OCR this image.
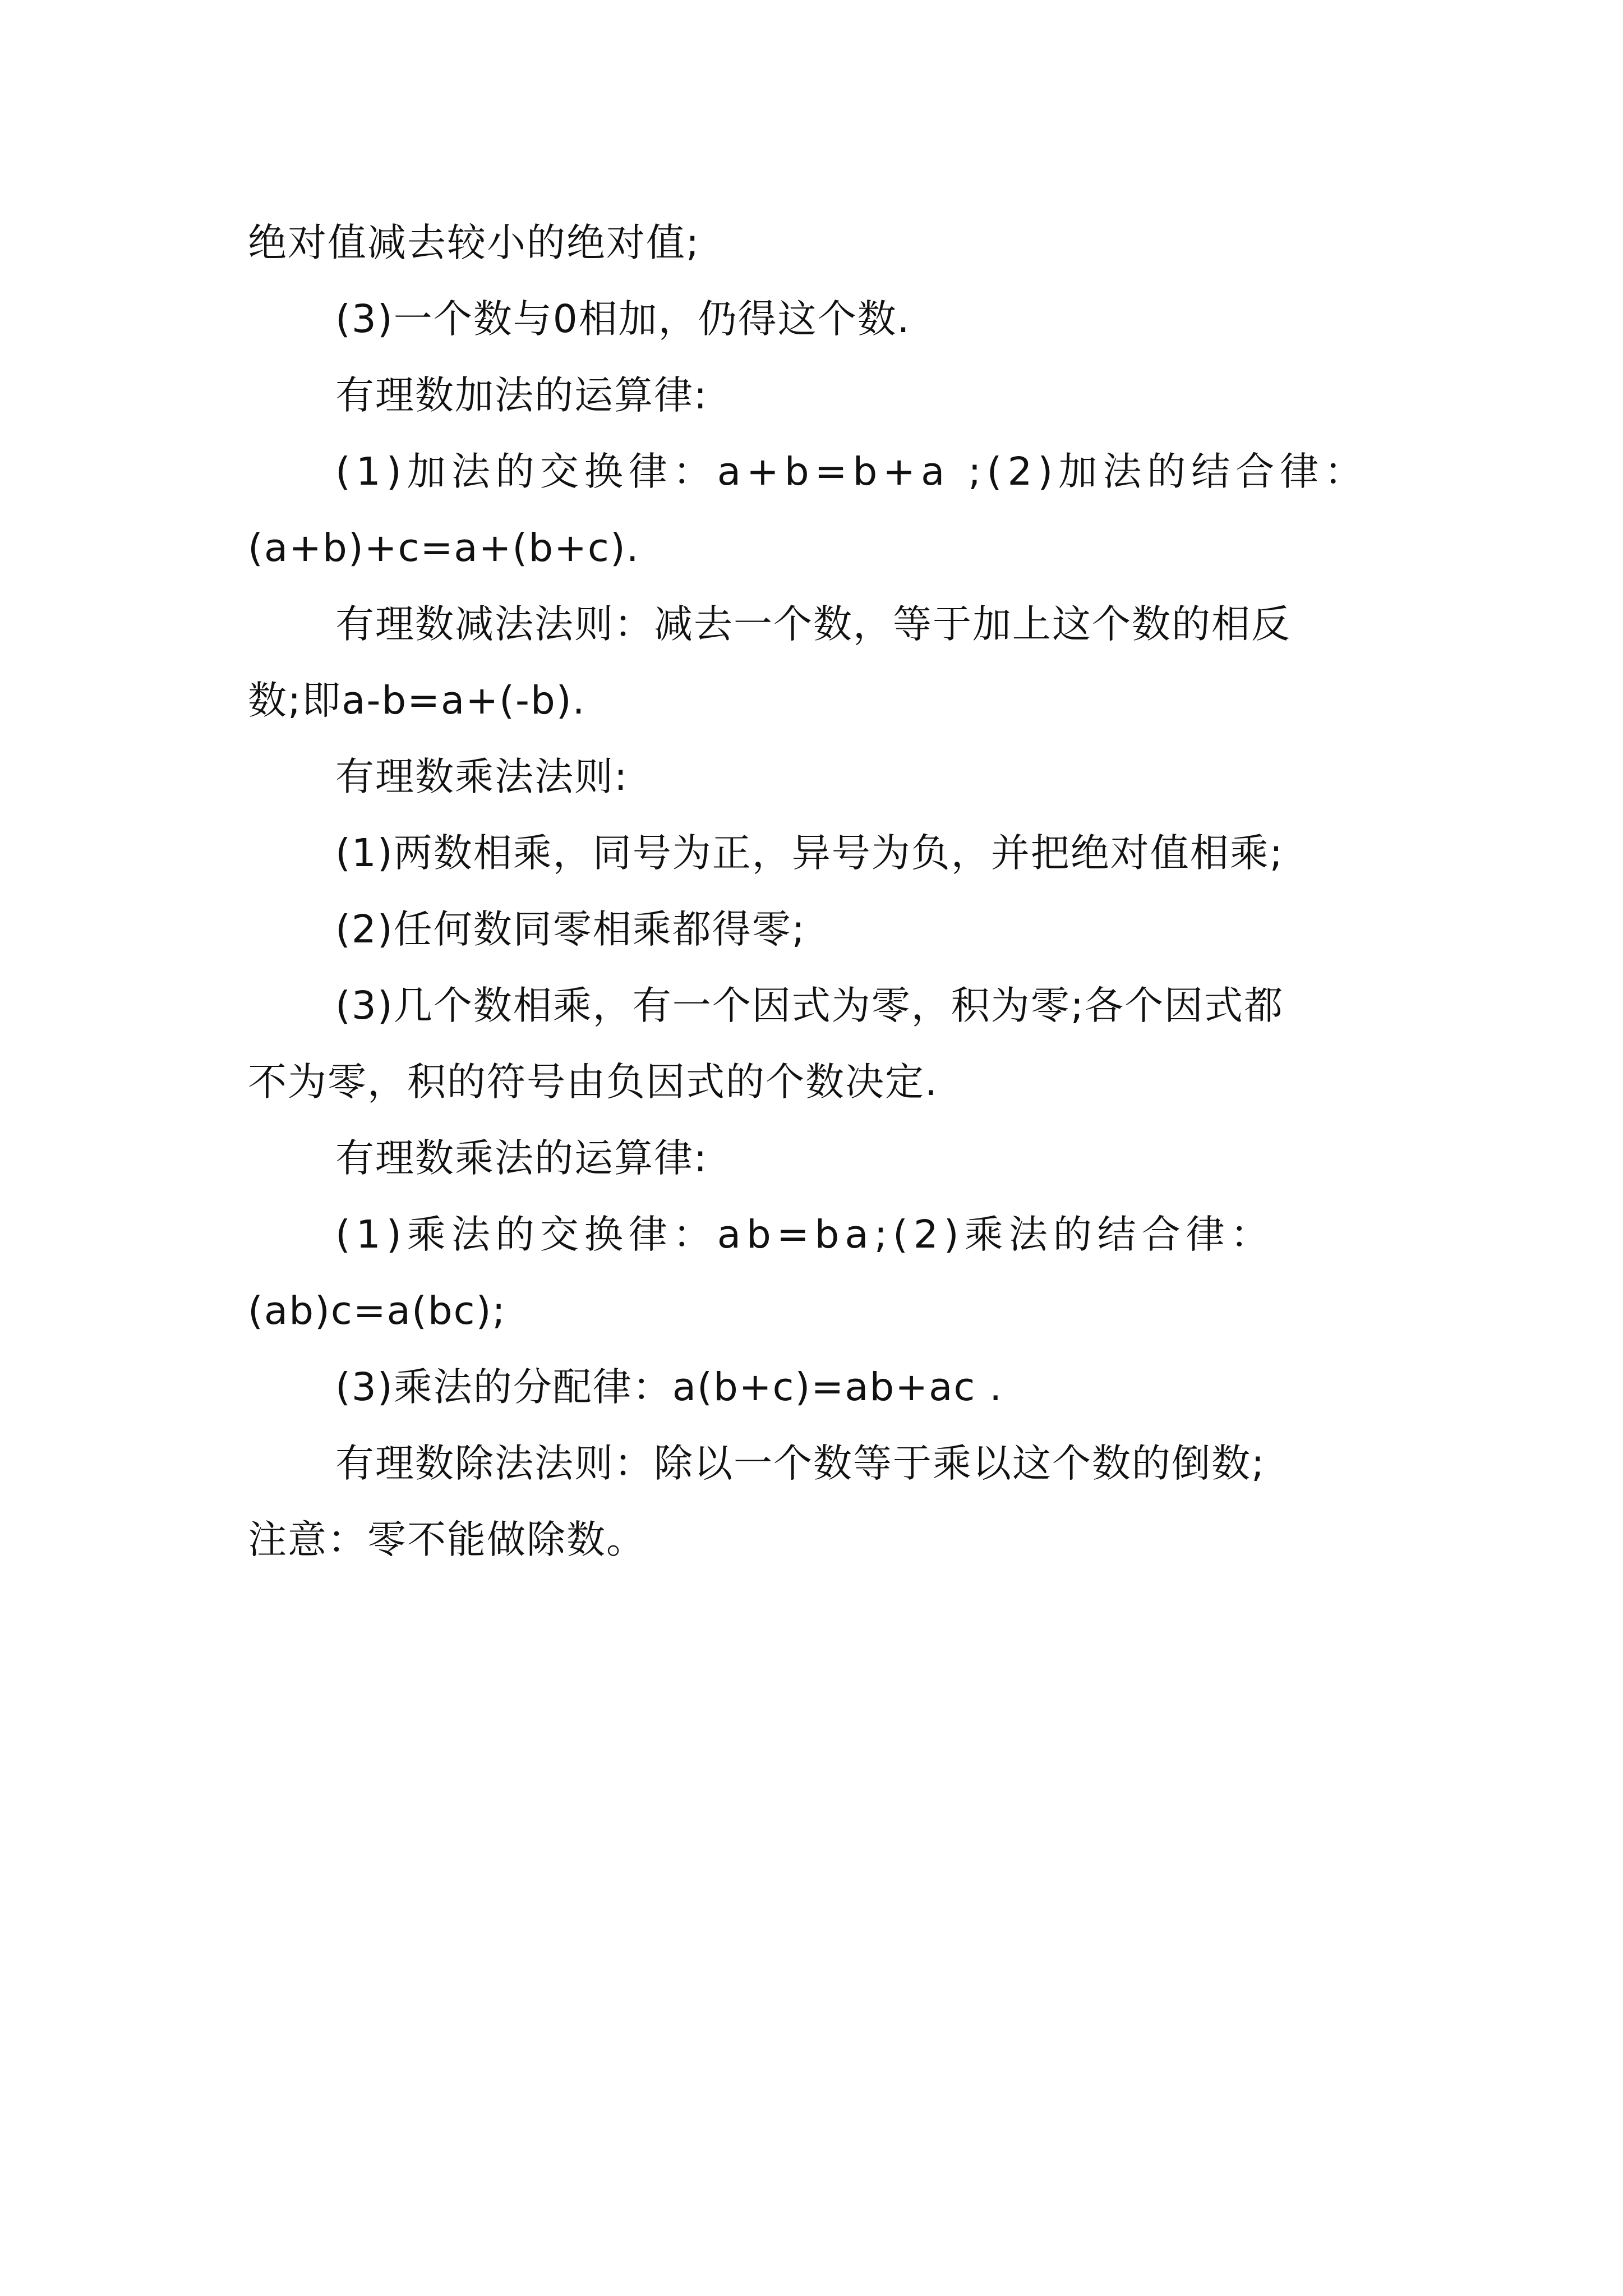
绝对值减去较小的绝对值;

(3)一个数与0相加，仍得这个数.

有理数加法的运算律:

(1)加法的交换律：a+b=b+a ;(2)加法的结合律：

(a+b)+c=a+(b+c).

有理数减法法则：减去一个数，等于加上这个数的相反

数;即a-b=a+(-b).

有理数乘法法则:

(1)两数相乘，同号为正，异号为负，并把绝对值相乘;

(2)任何数同零相乘都得零;

(3)几个数相乘，有一个因式为零，积为零;各个因式都

不为零，积的符号由负因式的个数决定.

有理数乘法的运算律:

(1)乘法的交换律：ab=ba;(2)乘法的结合律：

(ab)c=a(bc);

(3)乘法的分配律：a(b+c)=ab+ac .

有理数除法法则：除以一个数等于乘以这个数的倒数;

注意：零不能做除数。
